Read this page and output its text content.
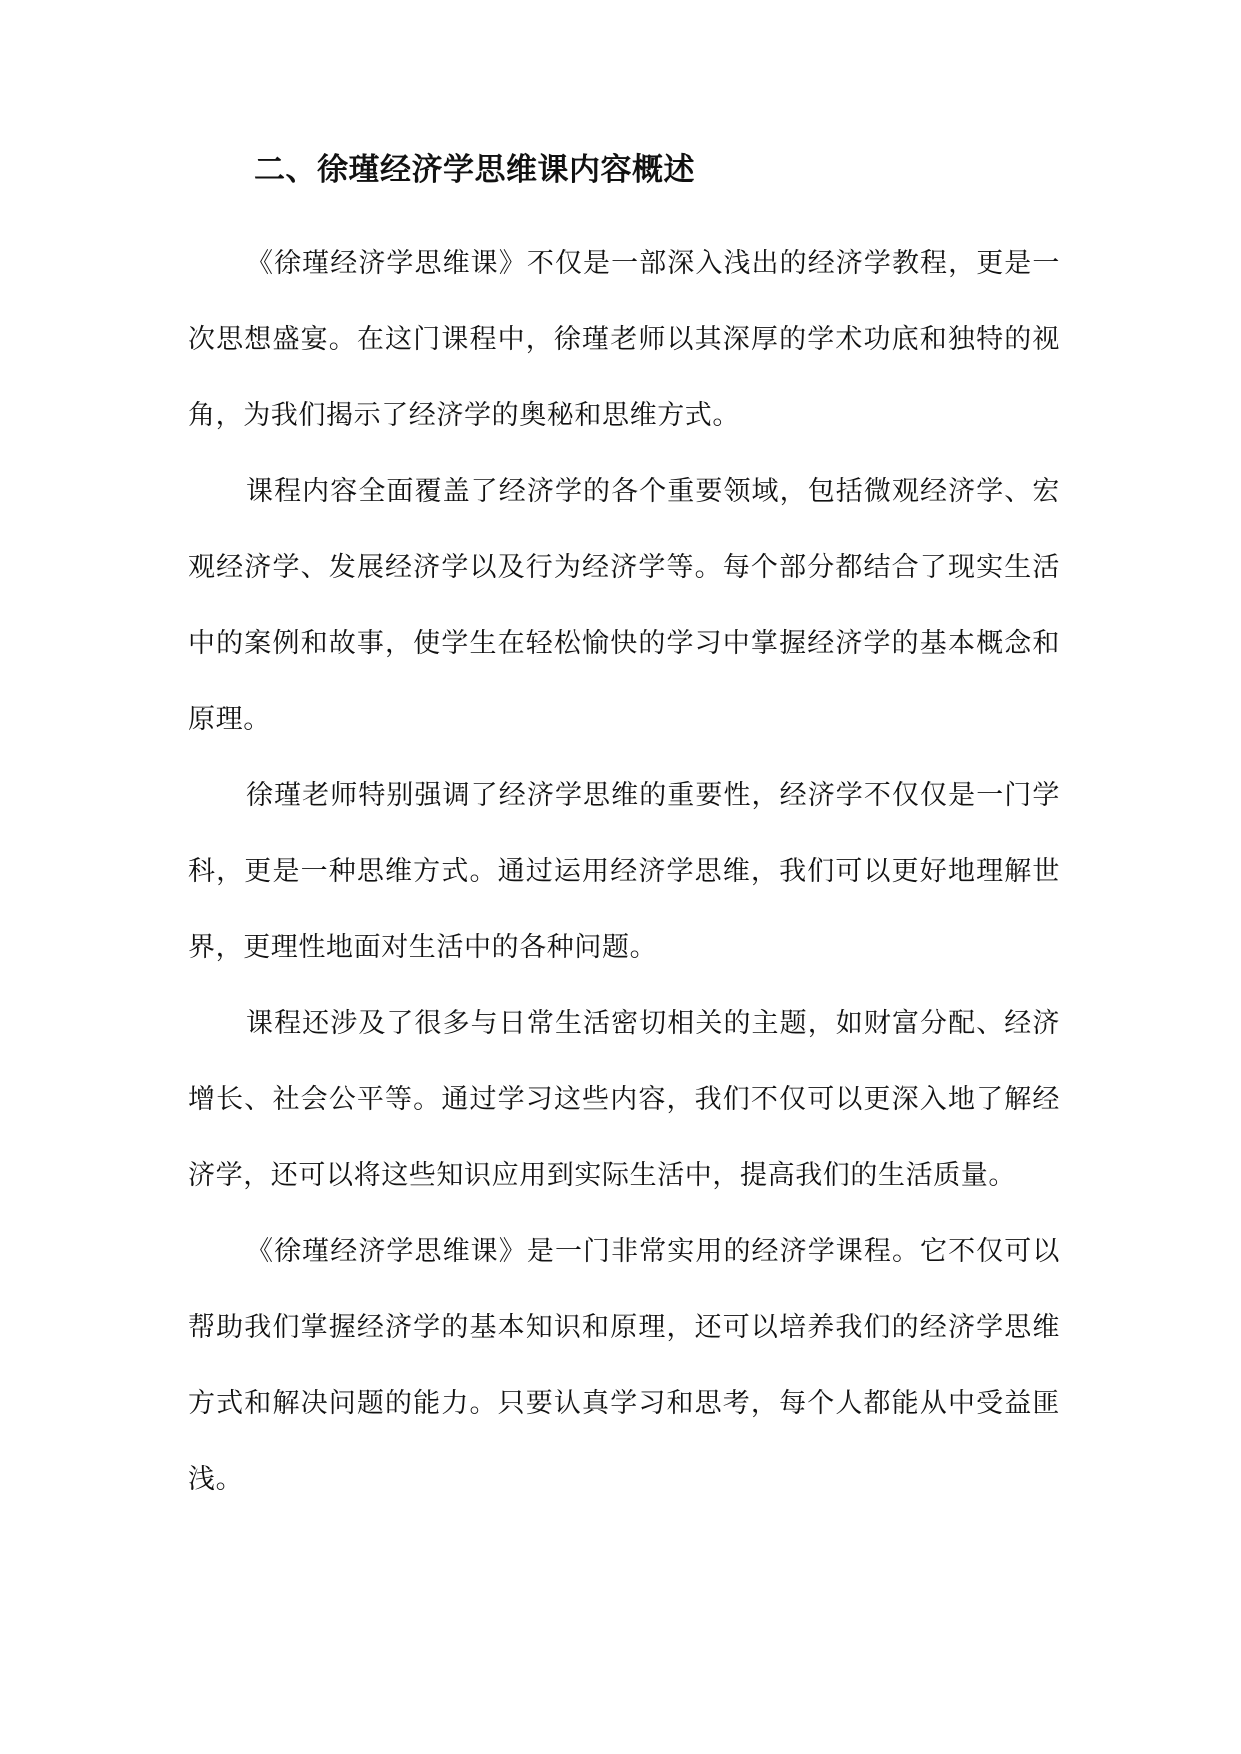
二、徐瑾经济学思维课内容概述

《徐瑾经济学思维课》不仅是一部深入浅出的经济学教程，更是一次思想盛宴。在这门课程中，徐瑾老师以其深厚的学术功底和独特的视角，为我们揭示了经济学的奥秘和思维方式。

课程内容全面覆盖了经济学的各个重要领域，包括微观经济学、宏观经济学、发展经济学以及行为经济学等。每个部分都结合了现实生活中的案例和故事，使学生在轻松愉快的学习中掌握经济学的基本概念和原理。

徐瑾老师特别强调了经济学思维的重要性，经济学不仅仅是一门学科，更是一种思维方式。通过运用经济学思维，我们可以更好地理解世界，更理性地面对生活中的各种问题。

课程还涉及了很多与日常生活密切相关的主题，如财富分配、经济增长、社会公平等。通过学习这些内容，我们不仅可以更深入地了解经济学，还可以将这些知识应用到实际生活中，提高我们的生活质量。

《徐瑾经济学思维课》是一门非常实用的经济学课程。它不仅可以帮助我们掌握经济学的基本知识和原理，还可以培养我们的经济学思维方式和解决问题的能力。只要认真学习和思考，每个人都能从中受益匪浅。
